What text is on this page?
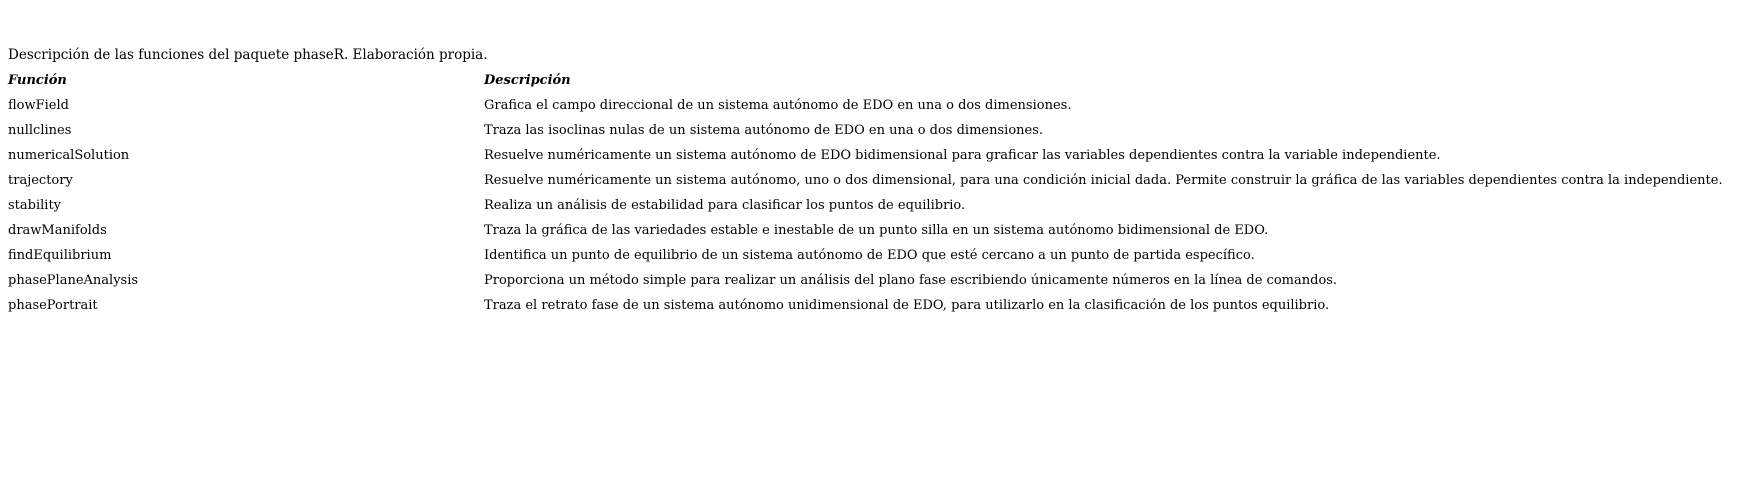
Descripción de las funciones del paquete phaseR. Elaboración propia.
Función	Descripción
flowField	Grafica el campo direccional de un sistema autónomo de EDO en una o dos dimensiones.
nullclines	Traza las isoclinas nulas de un sistema autónomo de EDO en una o dos dimensiones.
numericalSolution	Resuelve numéricamente un sistema autónomo de EDO bidimensional para graficar las variables dependientes contra la variable independiente.
trajectory	Resuelve numéricamente un sistema autónomo, uno o dos dimensional, para una condición inicial dada. Permite construir la gráfica de las variables dependientes contra la independiente.
stability	Realiza un análisis de estabilidad para clasificar los puntos de equilibrio.
drawManifolds	Traza la gráfica de las variedades estable e inestable de un punto silla en un sistema autónomo bidimensional de EDO.
findEquilibrium	Identifica un punto de equilibrio de un sistema autónomo de EDO que esté cercano a un punto de partida específico.
phasePlaneAnalysis	Proporciona un método simple para realizar un análisis del plano fase escribiendo únicamente números en la línea de comandos.
phasePortrait	Traza el retrato fase de un sistema autónomo unidimensional de EDO, para utilizarlo en la clasificación de los puntos equilibrio.
